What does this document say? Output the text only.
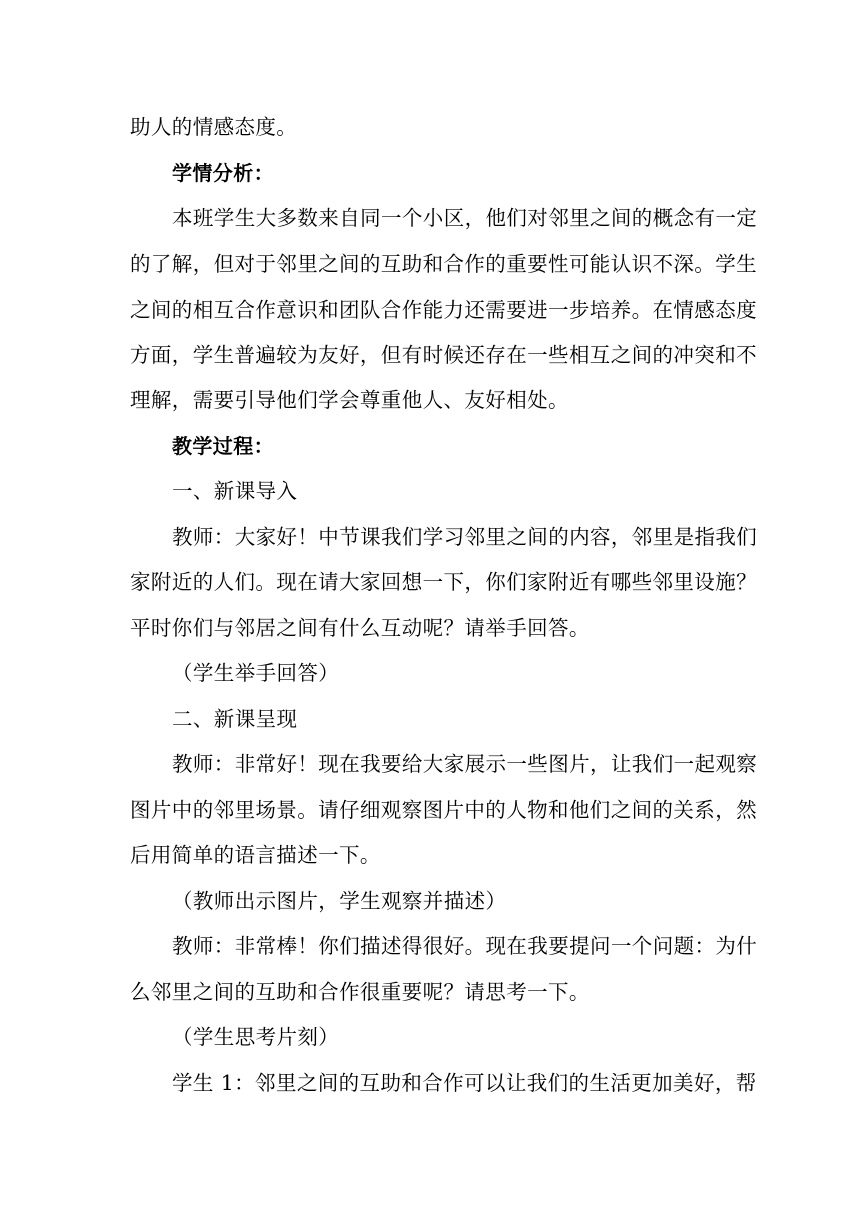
助人的情感态度。
学情分析：
本班学生大多数来自同一个小区，他们对邻里之间的概念有一定
的了解，但对于邻里之间的互助和合作的重要性可能认识不深。学生
之间的相互合作意识和团队合作能力还需要进一步培养。在情感态度
方面，学生普遍较为友好，但有时候还存在一些相互之间的冲突和不
理解，需要引导他们学会尊重他人、友好相处。
教学过程：
一、新课导入
教师：大家好！中节课我们学习邻里之间的内容，邻里是指我们
家附近的人们。现在请大家回想一下，你们家附近有哪些邻里设施？
平时你们与邻居之间有什么互动呢？请举手回答。
（学生举手回答）
二、新课呈现
教师：非常好！现在我要给大家展示一些图片，让我们一起观察
图片中的邻里场景。请仔细观察图片中的人物和他们之间的关系，然
后用简单的语言描述一下。
（教师出示图片，学生观察并描述）
教师：非常棒！你们描述得很好。现在我要提问一个问题：为什
么邻里之间的互助和合作很重要呢？请思考一下。
（学生思考片刻）
学生 1：邻里之间的互助和合作可以让我们的生活更加美好，帮
